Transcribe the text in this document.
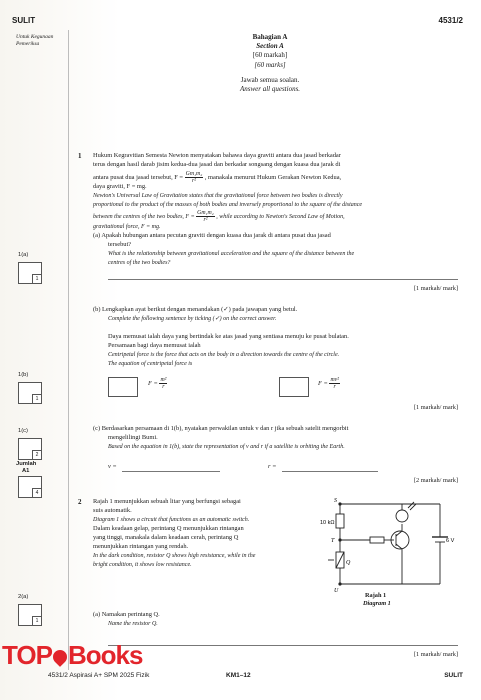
SULIT	4531/2
Untuk Kegunaan Pemeriksa
Bahagian A
Section A
[60 markah]
[60 marks]
Jawab semua soalan.
Answer all questions.
1 Hukum Kegravitian Semesta Newton menyatakan bahawa daya graviti antara dua jasad berkadar
terus dengan hasil darab jisim kedua-dua jasad dan berkadar songsang dengan kuasa dua jarak di
antara pusat dua jasad tersebut, $F = \frac{\text{Gm₁m₂}}{\text{r²}}$ , manakala menurut Hukum Gerakan Newton Kedua,
daya graviti, F = mg.
Newton's Universal Law of Gravitation states that the gravitational force between two bodies is directly
proportional to the product of the masses of both bodies and inversely proportional to the square of the distance
between the centres of the two bodies, $F = \frac{\text{Gm₁m₂}}{\text{r²}}$ , while according to Newton's Second Law of Motion,
gravitational force, F = mg.
(a) Apakah hubungan antara pecutan graviti dengan kuasa dua jarak di antara pusat dua jasad
tersebut?
What is the relationship between gravitational acceleration and the square of the distance between the
centres of the two bodies?
[1 markah/ mark]
(b) Lengkapkan ayat berikut dengan menandakan (✓) pada jawapan yang betul.
Complete the following sentence by ticking (✓) on the correct answer.
Daya memusat ialah daya yang bertindak ke atas jasad yang sentiasa menuju ke pusat bulatan.
Persamaan bagi daya memusat ialah
Centripetal force is the force that acts on the body in a direction towards the centre of the circle.
The equation of centripetal force is
$F = \frac{\text{m²}}{r}$	$F = \frac{\text{mv²}}{r}$
[1 markah/ mark]
(c) Berdasarkan persamaan di 1(b), nyatakan perwakilan untuk v dan r jika sebuah satelit mengorbit
mengelilingi Bumi.
Based on the equation in 1(b), state the representation of v and r if a satellite is orbiting the Earth.
v =	r =
[2 markah/ mark]
2 Rajah 1 menunjukkan sebuah litar yang berfungsi sebagai
suis automatik.
Diagram 1 shows a circuit that functions as an automatic switch.
Dalam keadaan gelap, perintang Q menunjukkan rintangan
yang tinggi, manakala dalam keadaan cerah, perintang Q
menunjukkan rintangan yang rendah.
In the dark condition, resistor Q shows high resistance, while in the
bright condition, it shows low resistance.
S
T
U
Q
10 kΩ
6 V
Rajah 1
Diagram 1
(a) Namakan perintang Q.
Name the resistor Q.
[1 markah/ mark]
1(a)
1
1(b)
1
1(c)
2
Jumlah
A1
4
2(a)
1
4531/2 Aspirasi A+ SPM 2025 Fizik	KM1–12	SULIT
TOP Books
